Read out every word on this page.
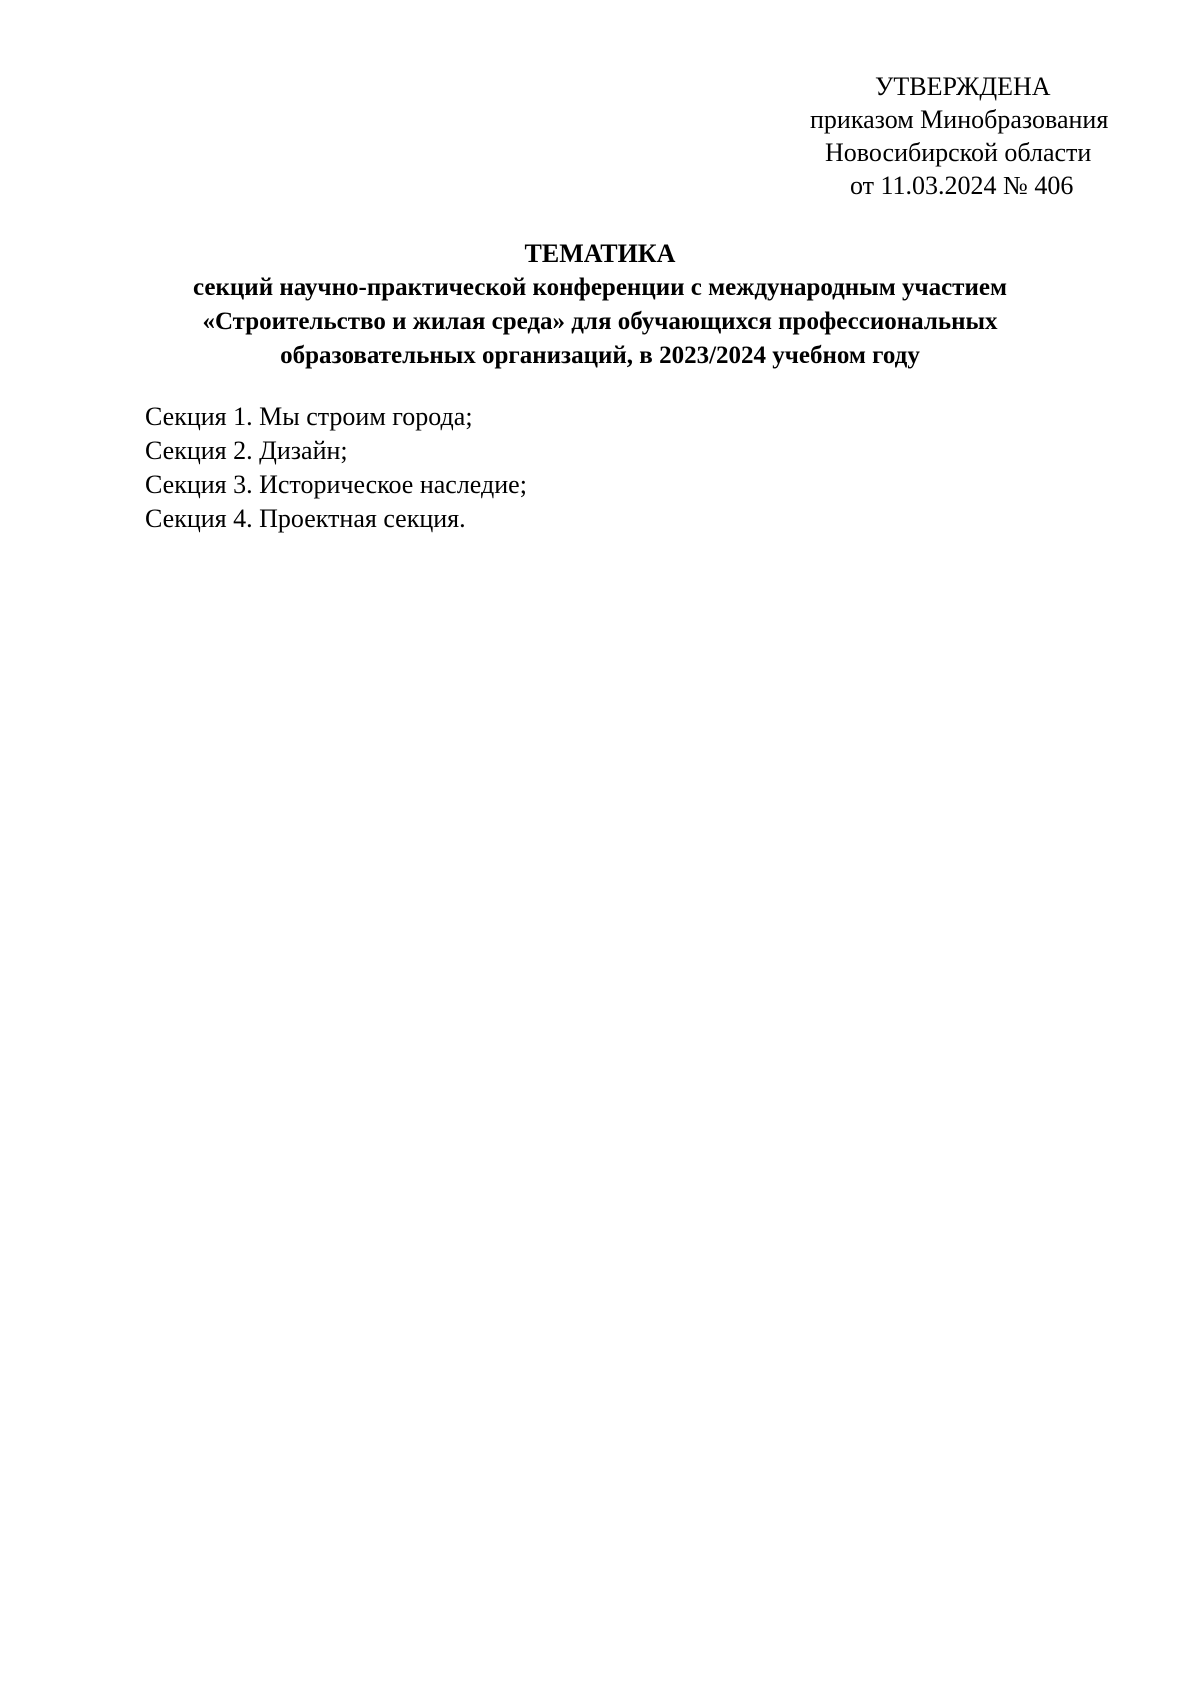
УТВЕРЖДЕНА
приказом Минобразования
Новосибирской области
от 11.03.2024 № 406
ТЕМАТИКА
секций научно-практической конференции с международным участием
«Строительство и жилая среда» для обучающихся профессиональных
образовательных организаций, в 2023/2024 учебном году
Секция 1. Мы строим города;
Секция 2. Дизайн;
Секция 3. Историческое наследие;
Секция 4. Проектная секция.
